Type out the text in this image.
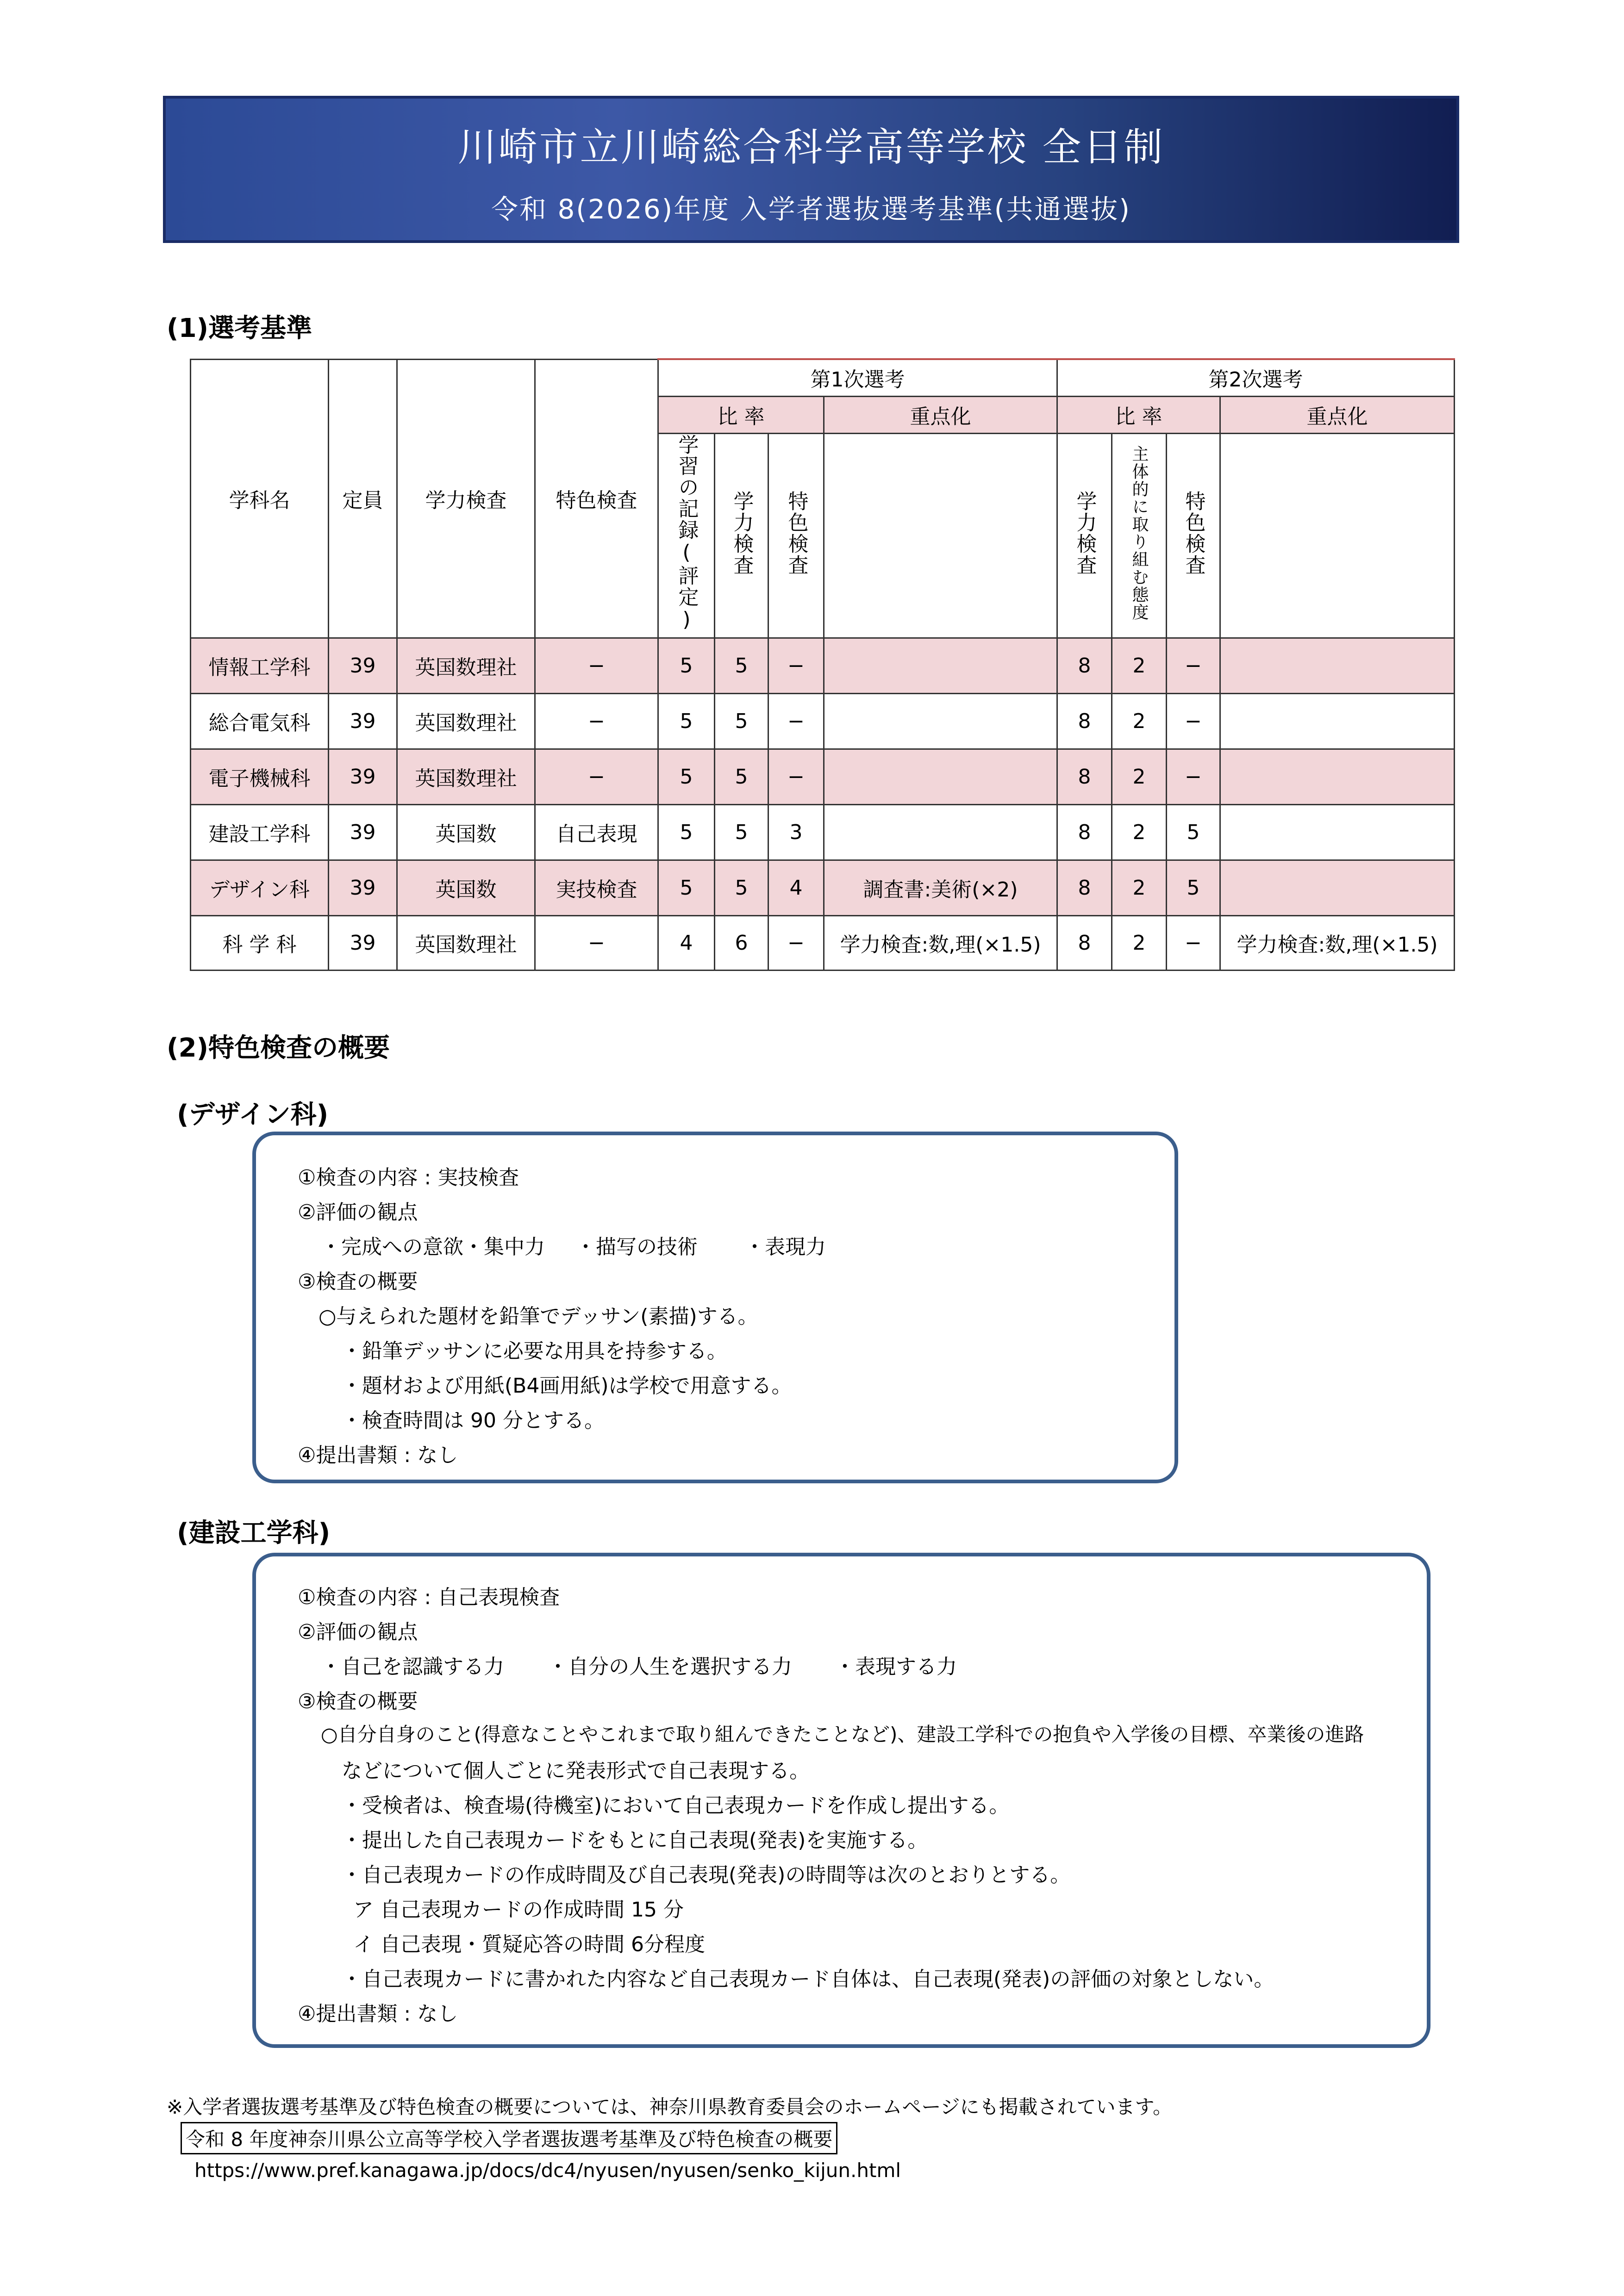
川崎市立川崎総合科学高等学校 全日制
令和 8(2026)年度 入学者選抜選考基準(共通選抜)
(1)選考基準
学科名	定員	学力検査	特色検査	第1次選考				第2次選考			
				比 率			重点化	比 率			重点化
				学習の記録(評定)	学力検査	特色検査		学力検査	主体的に取り組む態度	特色検査	
情報工学科	39	英国数理社	−	5	5	−		8	2	−	
総合電気科	39	英国数理社	−	5	5	−		8	2	−	
電子機械科	39	英国数理社	−	5	5	−		8	2	−	
建設工学科	39	英国数	自己表現	5	5	3		8	2	5	
デザイン科	39	英国数	実技検査	5	5	4	調査書:美術(×2)	8	2	5	
科 学 科	39	英国数理社	−	4	6	−	学力検査:数,理(×1.5)	8	2	−	学力検査:数,理(×1.5)
(2)特色検査の概要
(デザイン科)
①検査の内容 : 実技検査
②評価の観点
・完成への意欲・集中力 ・描写の技術 ・表現力
③検査の概要
○与えられた題材を鉛筆でデッサン(素描)する。
・鉛筆デッサンに必要な用具を持参する。
・題材および用紙(B4画用紙)は学校で用意する。
・検査時間は 90 分とする。
④提出書類 : なし
(建設工学科)
①検査の内容 : 自己表現検査
②評価の観点
・自己を認識する力 ・自分の人生を選択する力 ・表現する力
③検査の概要
○自分自身のこと(得意なことやこれまで取り組んできたことなど)、建設工学科での抱負や入学後の目標、卒業後の進路
などについて個人ごとに発表形式で自己表現する。
・受検者は、検査場(待機室)において自己表現カードを作成し提出する。
・提出した自己表現カードをもとに自己表現(発表)を実施する。
・自己表現カードの作成時間及び自己表現(発表)の時間等は次のとおりとする。
ア 自己表現カードの作成時間 15 分
イ 自己表現・質疑応答の時間 6分程度
・自己表現カードに書かれた内容など自己表現カード自体は、自己表現(発表)の評価の対象としない。
④提出書類 : なし
※入学者選抜選考基準及び特色検査の概要については、神奈川県教育委員会のホームページにも掲載されています。
令和 8 年度神奈川県公立高等学校入学者選抜選考基準及び特色検査の概要
https://www.pref.kanagawa.jp/docs/dc4/nyusen/nyusen/senko_kijun.html
